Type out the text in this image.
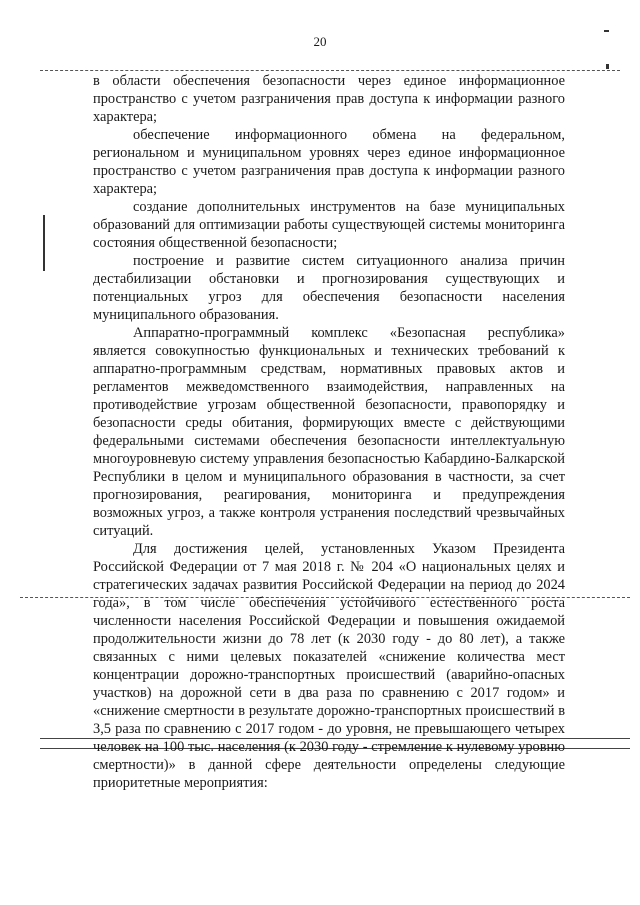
20

в области обеспечения безопасности через единое информационное пространство с учетом разграничения прав доступа к информации разного характера;

обеспечение информационного обмена на федеральном, региональном и муниципальном уровнях через единое информационное пространство с учетом разграничения прав доступа к информации разного характера;

создание дополнительных инструментов на базе муниципальных образований для оптимизации работы существующей системы мониторинга состояния общественной безопасности;

построение и развитие систем ситуационного анализа причин дестабилизации обстановки и прогнозирования существующих и потенциальных угроз для обеспечения безопасности населения муниципального образования.

Аппаратно-программный комплекс «Безопасная республика» является совокупностью функциональных и технических требований к аппаратно-программным средствам, нормативных правовых актов и регламентов межведомственного взаимодействия, направленных на противодействие угрозам общественной безопасности, правопорядку и безопасности среды обитания, формирующих вместе с действующими федеральными системами обеспечения безопасности интеллектуальную многоуровневую систему управления безопасностью Кабардино-Балкарской Республики в целом и муниципального образования в частности, за счет прогнозирования, реагирования, мониторинга и предупреждения возможных угроз, а также контроля устранения последствий чрезвычайных ситуаций.

Для достижения целей, установленных Указом Президента Российской Федерации от 7 мая 2018 г. № 204 «О национальных целях и стратегических задачах развития Российской Федерации на период до 2024 года», в том числе обеспечения устойчивого естественного роста численности населения Российской Федерации и повышения ожидаемой продолжительности жизни до 78 лет (к 2030 году - до 80 лет), а также связанных с ними целевых показателей «снижение количества мест концентрации дорожно-транспортных происшествий (аварийно-опасных участков) на дорожной сети в два раза по сравнению с 2017 годом» и «снижение смертности в результате дорожно-транспортных происшествий в 3,5 раза по сравнению с 2017 годом - до уровня, не превышающего четырех человек на 100 тыс. населения (к 2030 году - стремление к нулевому уровню смертности)» в данной сфере деятельности определены следующие приоритетные мероприятия:
